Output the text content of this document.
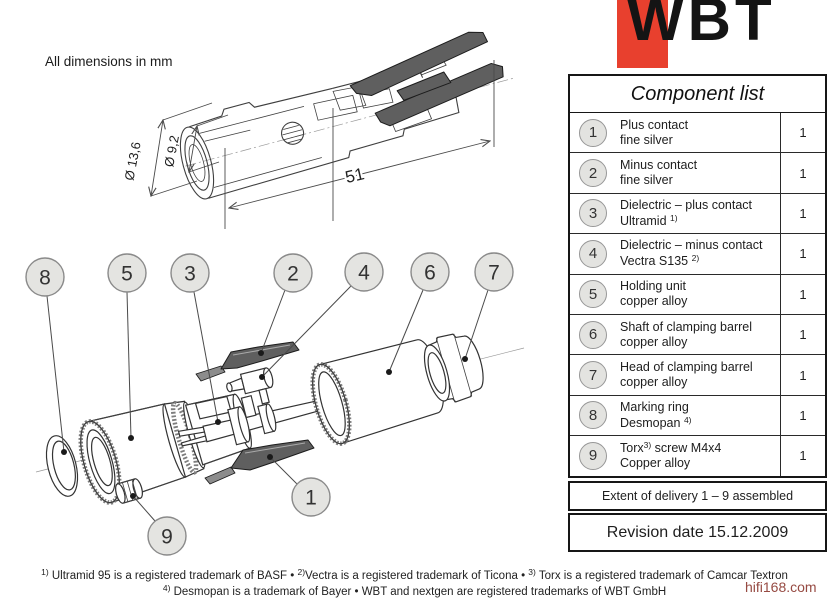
WBT
All dimensions in mm
Ø 13,6 Ø 9,2
51
8	5 3	2	4	6 7
1
9
Component list
1	Plus contact
fine silver	1
2	Minus contact
fine silver	1
3	Dielectric – plus contact
Ultramid $^{1)}$	1
4	Dielectric – minus contact
Vectra S135 $^{2)}$	1
5	Holding unit
copper alloy	1
6	Shaft of clamping barrel
copper alloy	1
7	Head of clamping barrel
copper alloy	1
8	Marking ring
Desmopan $^{4)}$	1
9	Torx$^{3)}$ screw M4x4
Copper alloy	1
Extent of delivery 1 – 9 assembled
Revision date 15.12.2009
$^{1)}$ Ultramid 95 is a registered trademark of BASF • $^{2)}$Vectra is a registered trademark of Ticona • $^{3)}$ Torx is a registered trademark of Camcar Textron
$^{4)}$ Desmopan is a trademark of Bayer • WBT and nextgen are registered trademarks of WBT GmbH	hifi168.com
